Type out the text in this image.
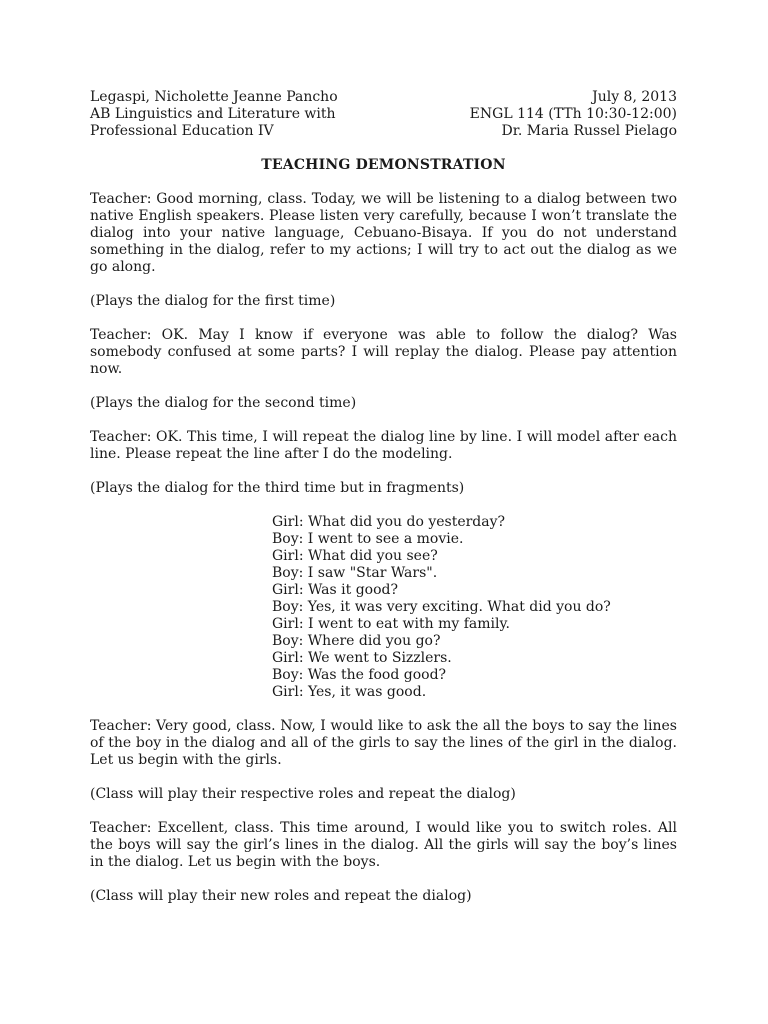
Legaspi, Nicholette Jeanne Pancho
AB Linguistics and Literature with
Professional Education IV
July 8, 2013
ENGL 114 (TTh 10:30-12:00)
Dr. Maria Russel Pielago
TEACHING DEMONSTRATION

Teacher: Good morning, class. Today, we will be listening to a dialog between two native English speakers. Please listen very carefully, because I won’t translate the dialog into your native language, Cebuano-Bisaya. If you do not understand something in the dialog, refer to my actions; I will try to act out the dialog as we go along.

(Plays the dialog for the first time)

Teacher: OK. May I know if everyone was able to follow the dialog? Was somebody confused at some parts? I will replay the dialog. Please pay attention now.

(Plays the dialog for the second time)

Teacher: OK. This time, I will repeat the dialog line by line. I will model after each line. Please repeat the line after I do the modeling.

(Plays the dialog for the third time but in fragments)

Girl: What did you do yesterday?
Boy: I went to see a movie.
Girl: What did you see?
Boy: I saw "Star Wars".
Girl: Was it good?
Boy: Yes, it was very exciting. What did you do?
Girl: I went to eat with my family.
Boy: Where did you go?
Girl: We went to Sizzlers.
Boy: Was the food good?
Girl: Yes, it was good.

Teacher: Very good, class. Now, I would like to ask the all the boys to say the lines of the boy in the dialog and all of the girls to say the lines of the girl in the dialog. Let us begin with the girls.

(Class will play their respective roles and repeat the dialog)

Teacher: Excellent, class. This time around, I would like you to switch roles. All the boys will say the girl’s lines in the dialog. All the girls will say the boy’s lines in the dialog. Let us begin with the boys.

(Class will play their new roles and repeat the dialog)
